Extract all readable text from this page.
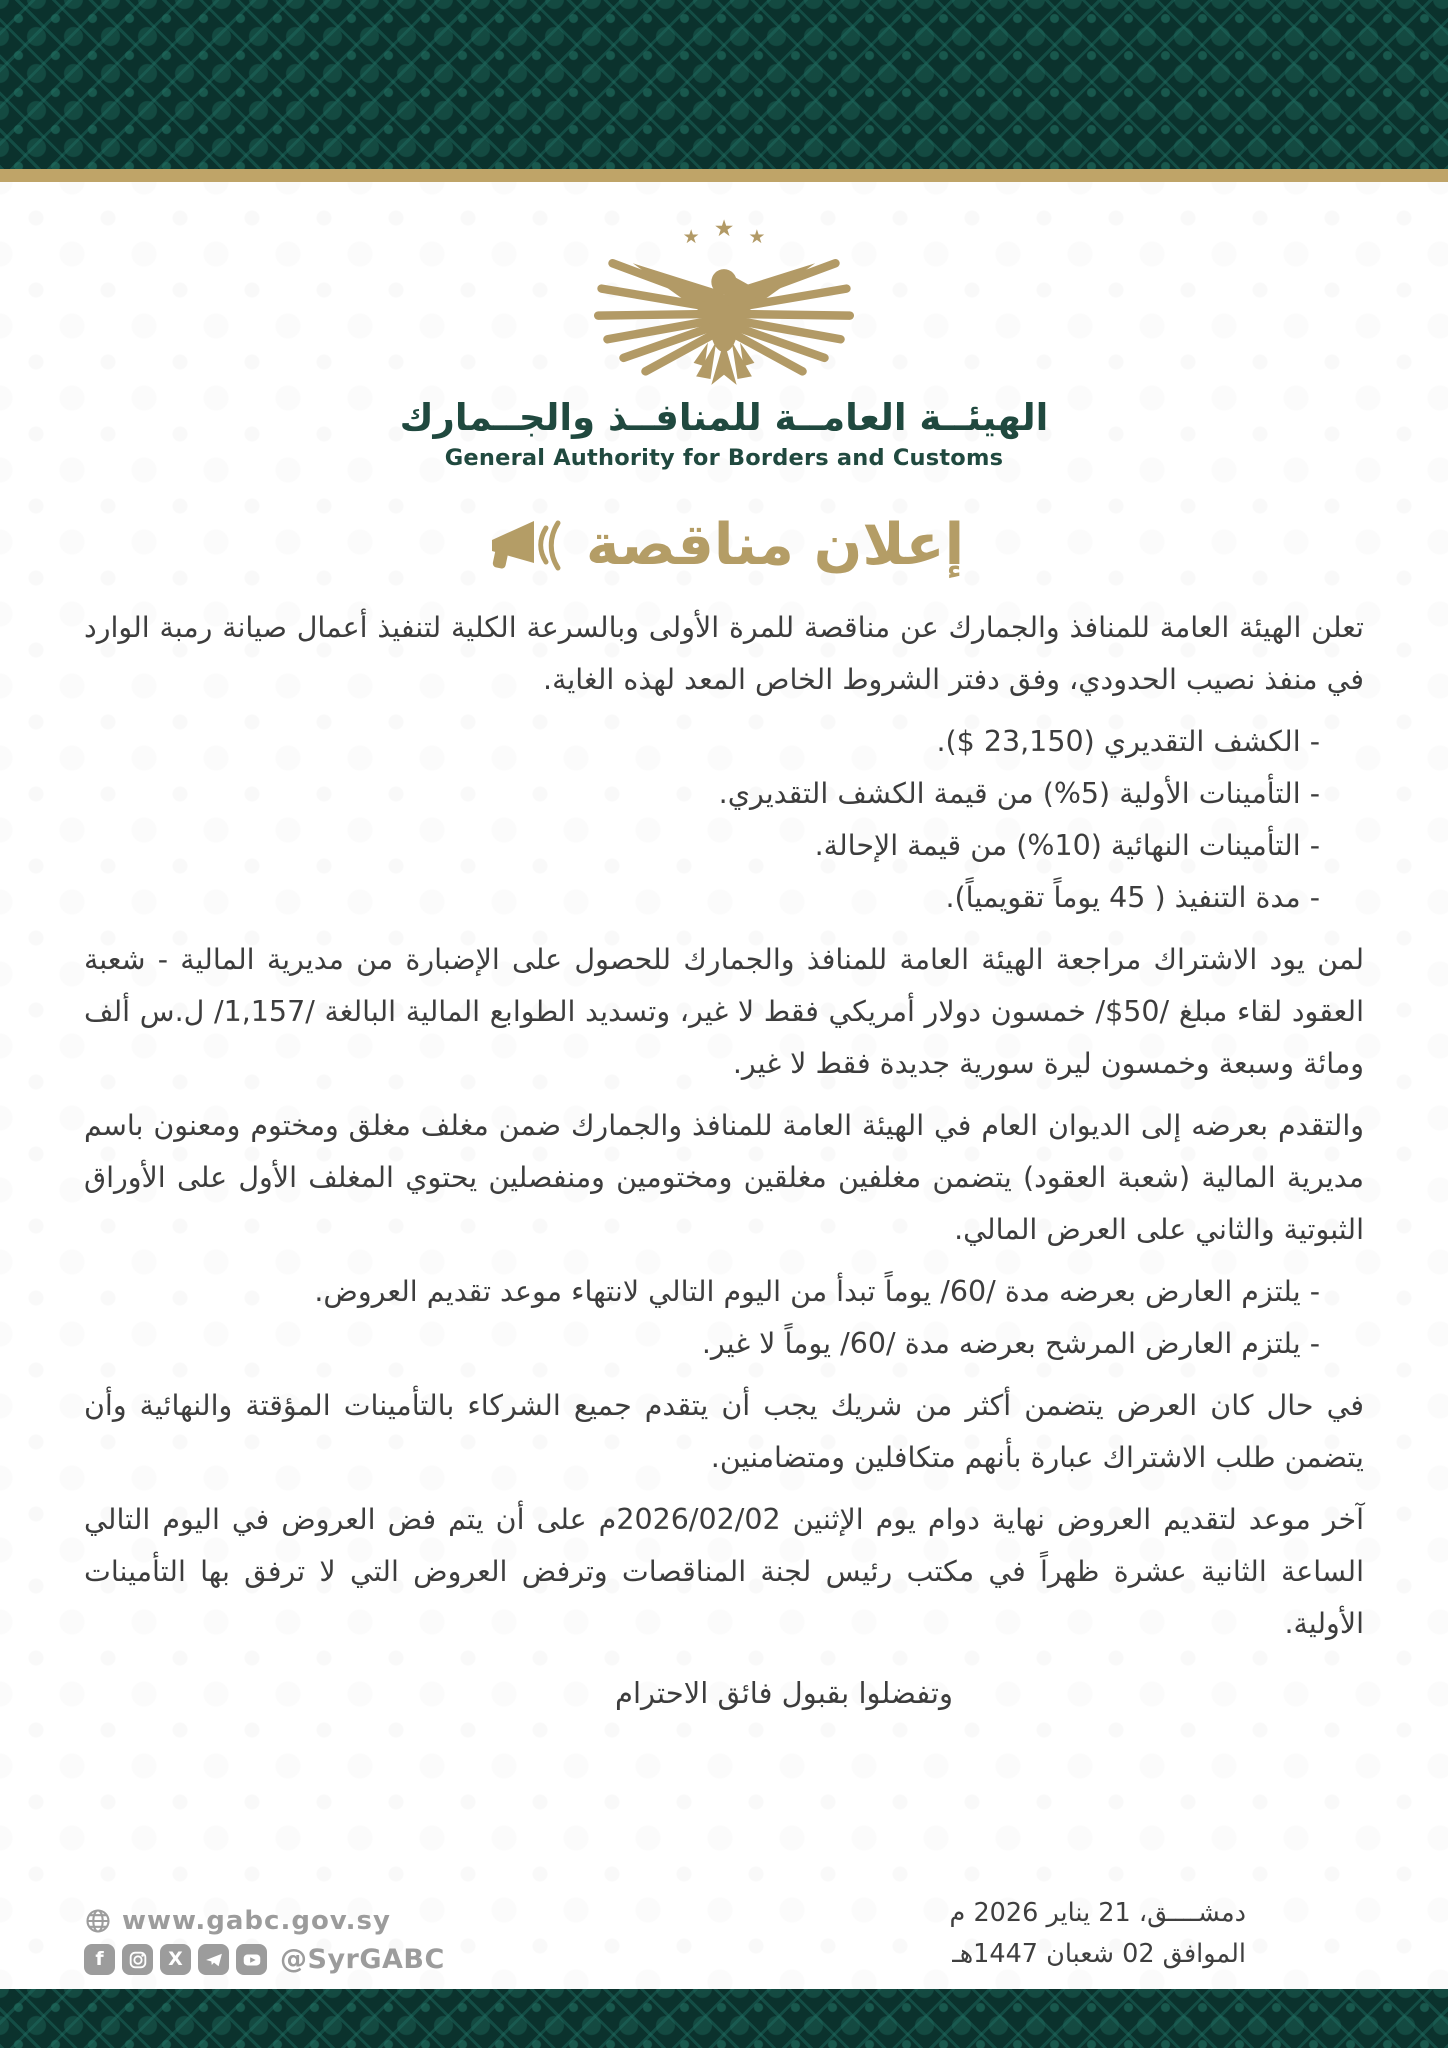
★ ★ ★
الهيئــة العامــة للمنافــذ والجــمارك
General Authority for Borders and Customs
إعلان مناقصة

تعلن الهيئة العامة للمنافذ والجمارك عن مناقصة للمرة الأولى وبالسرعة الكلية لتنفيذ أعمال صيانة رمبة الوارد في منفذ نصيب الحدودي، وفق دفتر الشروط الخاص المعد لهذه الغاية.

- الكشف التقديري (23,150 $).
- التأمينات الأولية (5%) من قيمة الكشف التقديري.
- التأمينات النهائية (10%) من قيمة الإحالة.
- مدة التنفيذ ( 45 يوماً تقويمياً).

لمن يود الاشتراك مراجعة الهيئة العامة للمنافذ والجمارك للحصول على الإضبارة من مديرية المالية - شعبة العقود لقاء مبلغ /50$/ خمسون دولار أمريكي فقط لا غير، وتسديد الطوابع المالية البالغة /1,157/ ل.س ألف ومائة وسبعة وخمسون ليرة سورية جديدة فقط لا غير.

والتقدم بعرضه إلى الديوان العام في الهيئة العامة للمنافذ والجمارك ضمن مغلف مغلق ومختوم ومعنون باسم مديرية المالية (شعبة العقود) يتضمن مغلفين مغلقين ومختومين ومنفصلين يحتوي المغلف الأول على الأوراق الثبوتية والثاني على العرض المالي.

- يلتزم العارض بعرضه مدة /60/ يوماً تبدأ من اليوم التالي لانتهاء موعد تقديم العروض.
- يلتزم العارض المرشح بعرضه مدة /60/ يوماً لا غير.

في حال كان العرض يتضمن أكثر من شريك يجب أن يتقدم جميع الشركاء بالتأمينات المؤقتة والنهائية وأن يتضمن طلب الاشتراك عبارة بأنهم متكافلين ومتضامنين.

آخر موعد لتقديم العروض نهاية دوام يوم الإثنين 2026/02/02م على أن يتم فض العروض في اليوم التالي الساعة الثانية عشرة ظهراً في مكتب رئيس لجنة المناقصات وترفض العروض التي لا ترفق بها التأمينات الأولية.

وتفضلوا بقبول فائق الاحترام
www.gabc.gov.sy
f	X	@SyrGABC
دمشــــق، 21 يناير 2026 م
الموافق 02 شعبان 1447هـ
